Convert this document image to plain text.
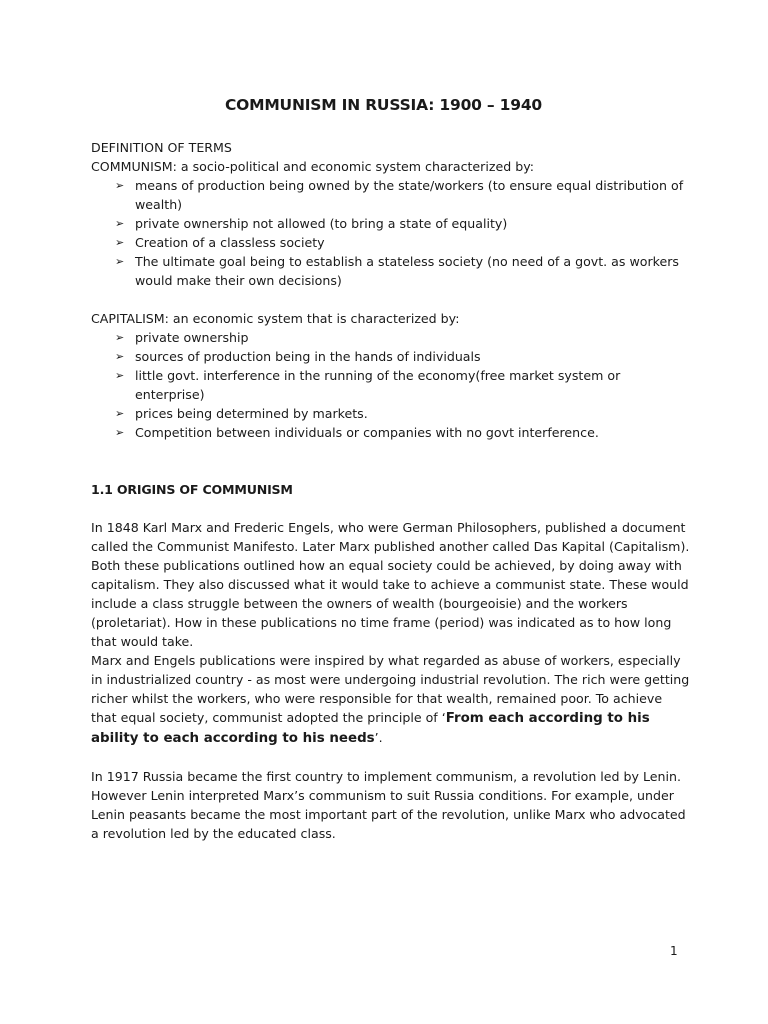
COMMUNISM IN RUSSIA: 1900 – 1940

DEFINITION OF TERMS

COMMUNISM: a socio-political and economic system characterized by:

➢ means of production being owned by the state/workers (to ensure equal distribution of wealth)
➢ private ownership not allowed (to bring a state of equality)
➢ Creation of a classless society
➢ The ultimate goal being to establish a stateless society (no need of a govt. as workers would make their own decisions)

CAPITALISM: an economic system that is characterized by:

➢ private ownership
➢ sources of production being in the hands of individuals
➢ little govt. interference in the running of the economy(free market system or enterprise)
➢ prices being determined by markets.
➢ Competition between individuals or companies with no govt interference.

1.1 ORIGINS OF COMMUNISM

In 1848 Karl Marx and Frederic Engels, who were German Philosophers, published a document called the Communist Manifesto. Later Marx published another called Das Kapital (Capitalism). Both these publications outlined how an equal society could be achieved, by doing away with capitalism. They also discussed what it would take to achieve a communist state. These would include a class struggle between the owners of wealth (bourgeoisie) and the workers (proletariat). How in these publications no time frame (period) was indicated as to how long that would take.

Marx and Engels publications were inspired by what regarded as abuse of workers, especially in industrialized country - as most were undergoing industrial revolution. The rich were getting richer whilst the workers, who were responsible for that wealth, remained poor. To achieve that equal society, communist adopted the principle of ‘From each according to his ability to each according to his needs’.

In 1917 Russia became the first country to implement communism, a revolution led by Lenin. However Lenin interpreted Marx’s communism to suit Russia conditions. For example, under Lenin peasants became the most important part of the revolution, unlike Marx who advocated a revolution led by the educated class.

1
